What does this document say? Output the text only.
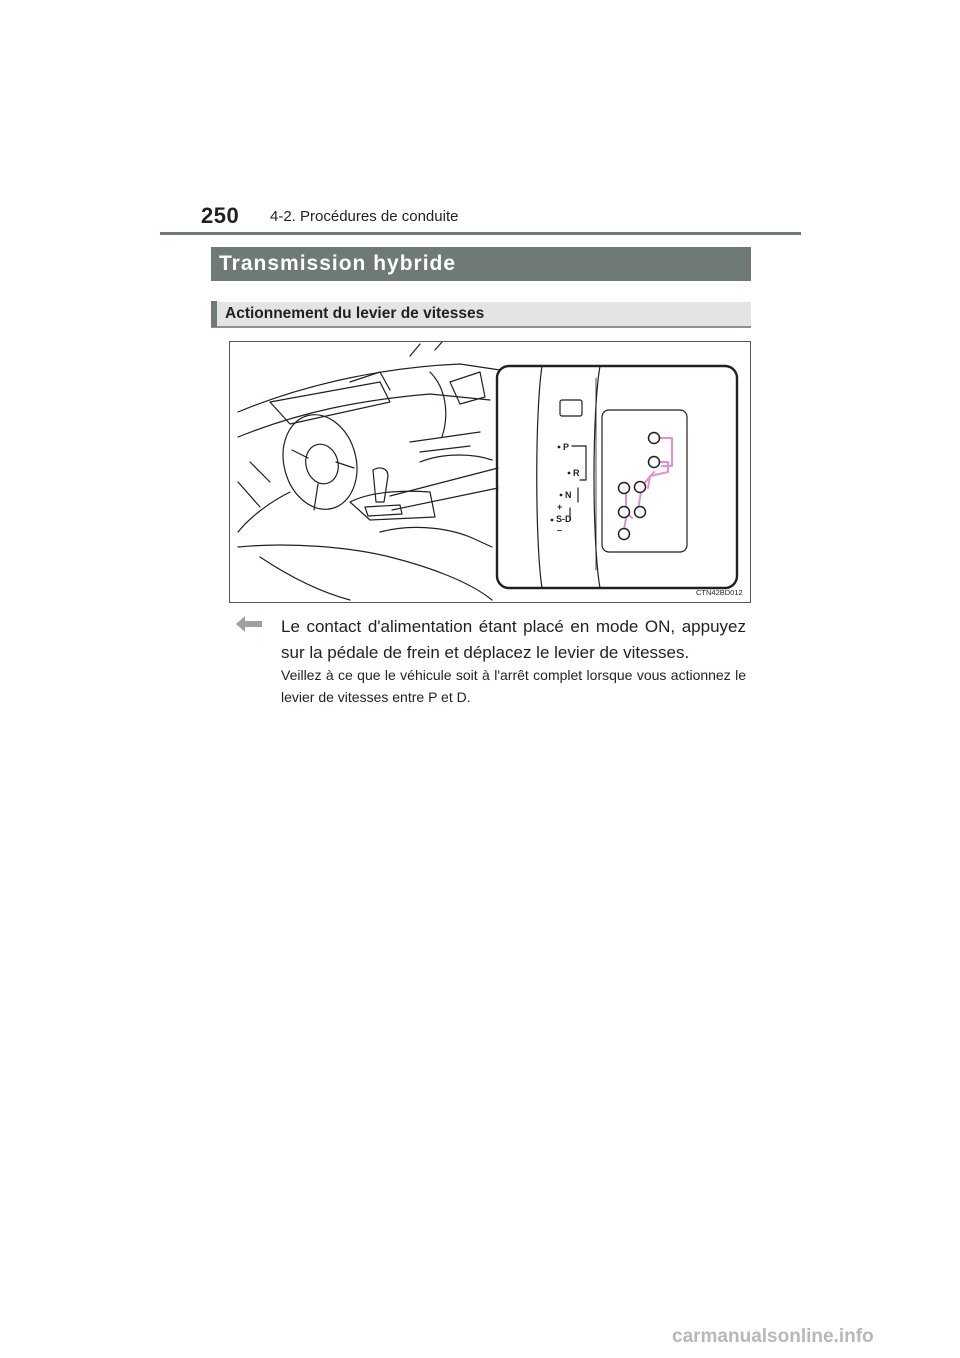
250 4-2. Procédures de conduite
Transmission hybride
Actionnement du levier de vitesses
P
R
N
+
S-D
–
CTN42BD012
Le contact d'alimentation étant placé en mode ON, appuyez sur la pédale de frein et déplacez le levier de vitesses.
Veillez à ce que le véhicule soit à l'arrêt complet lorsque vous actionnez le levier de vitesses entre P et D.
carmanualsonline.info
